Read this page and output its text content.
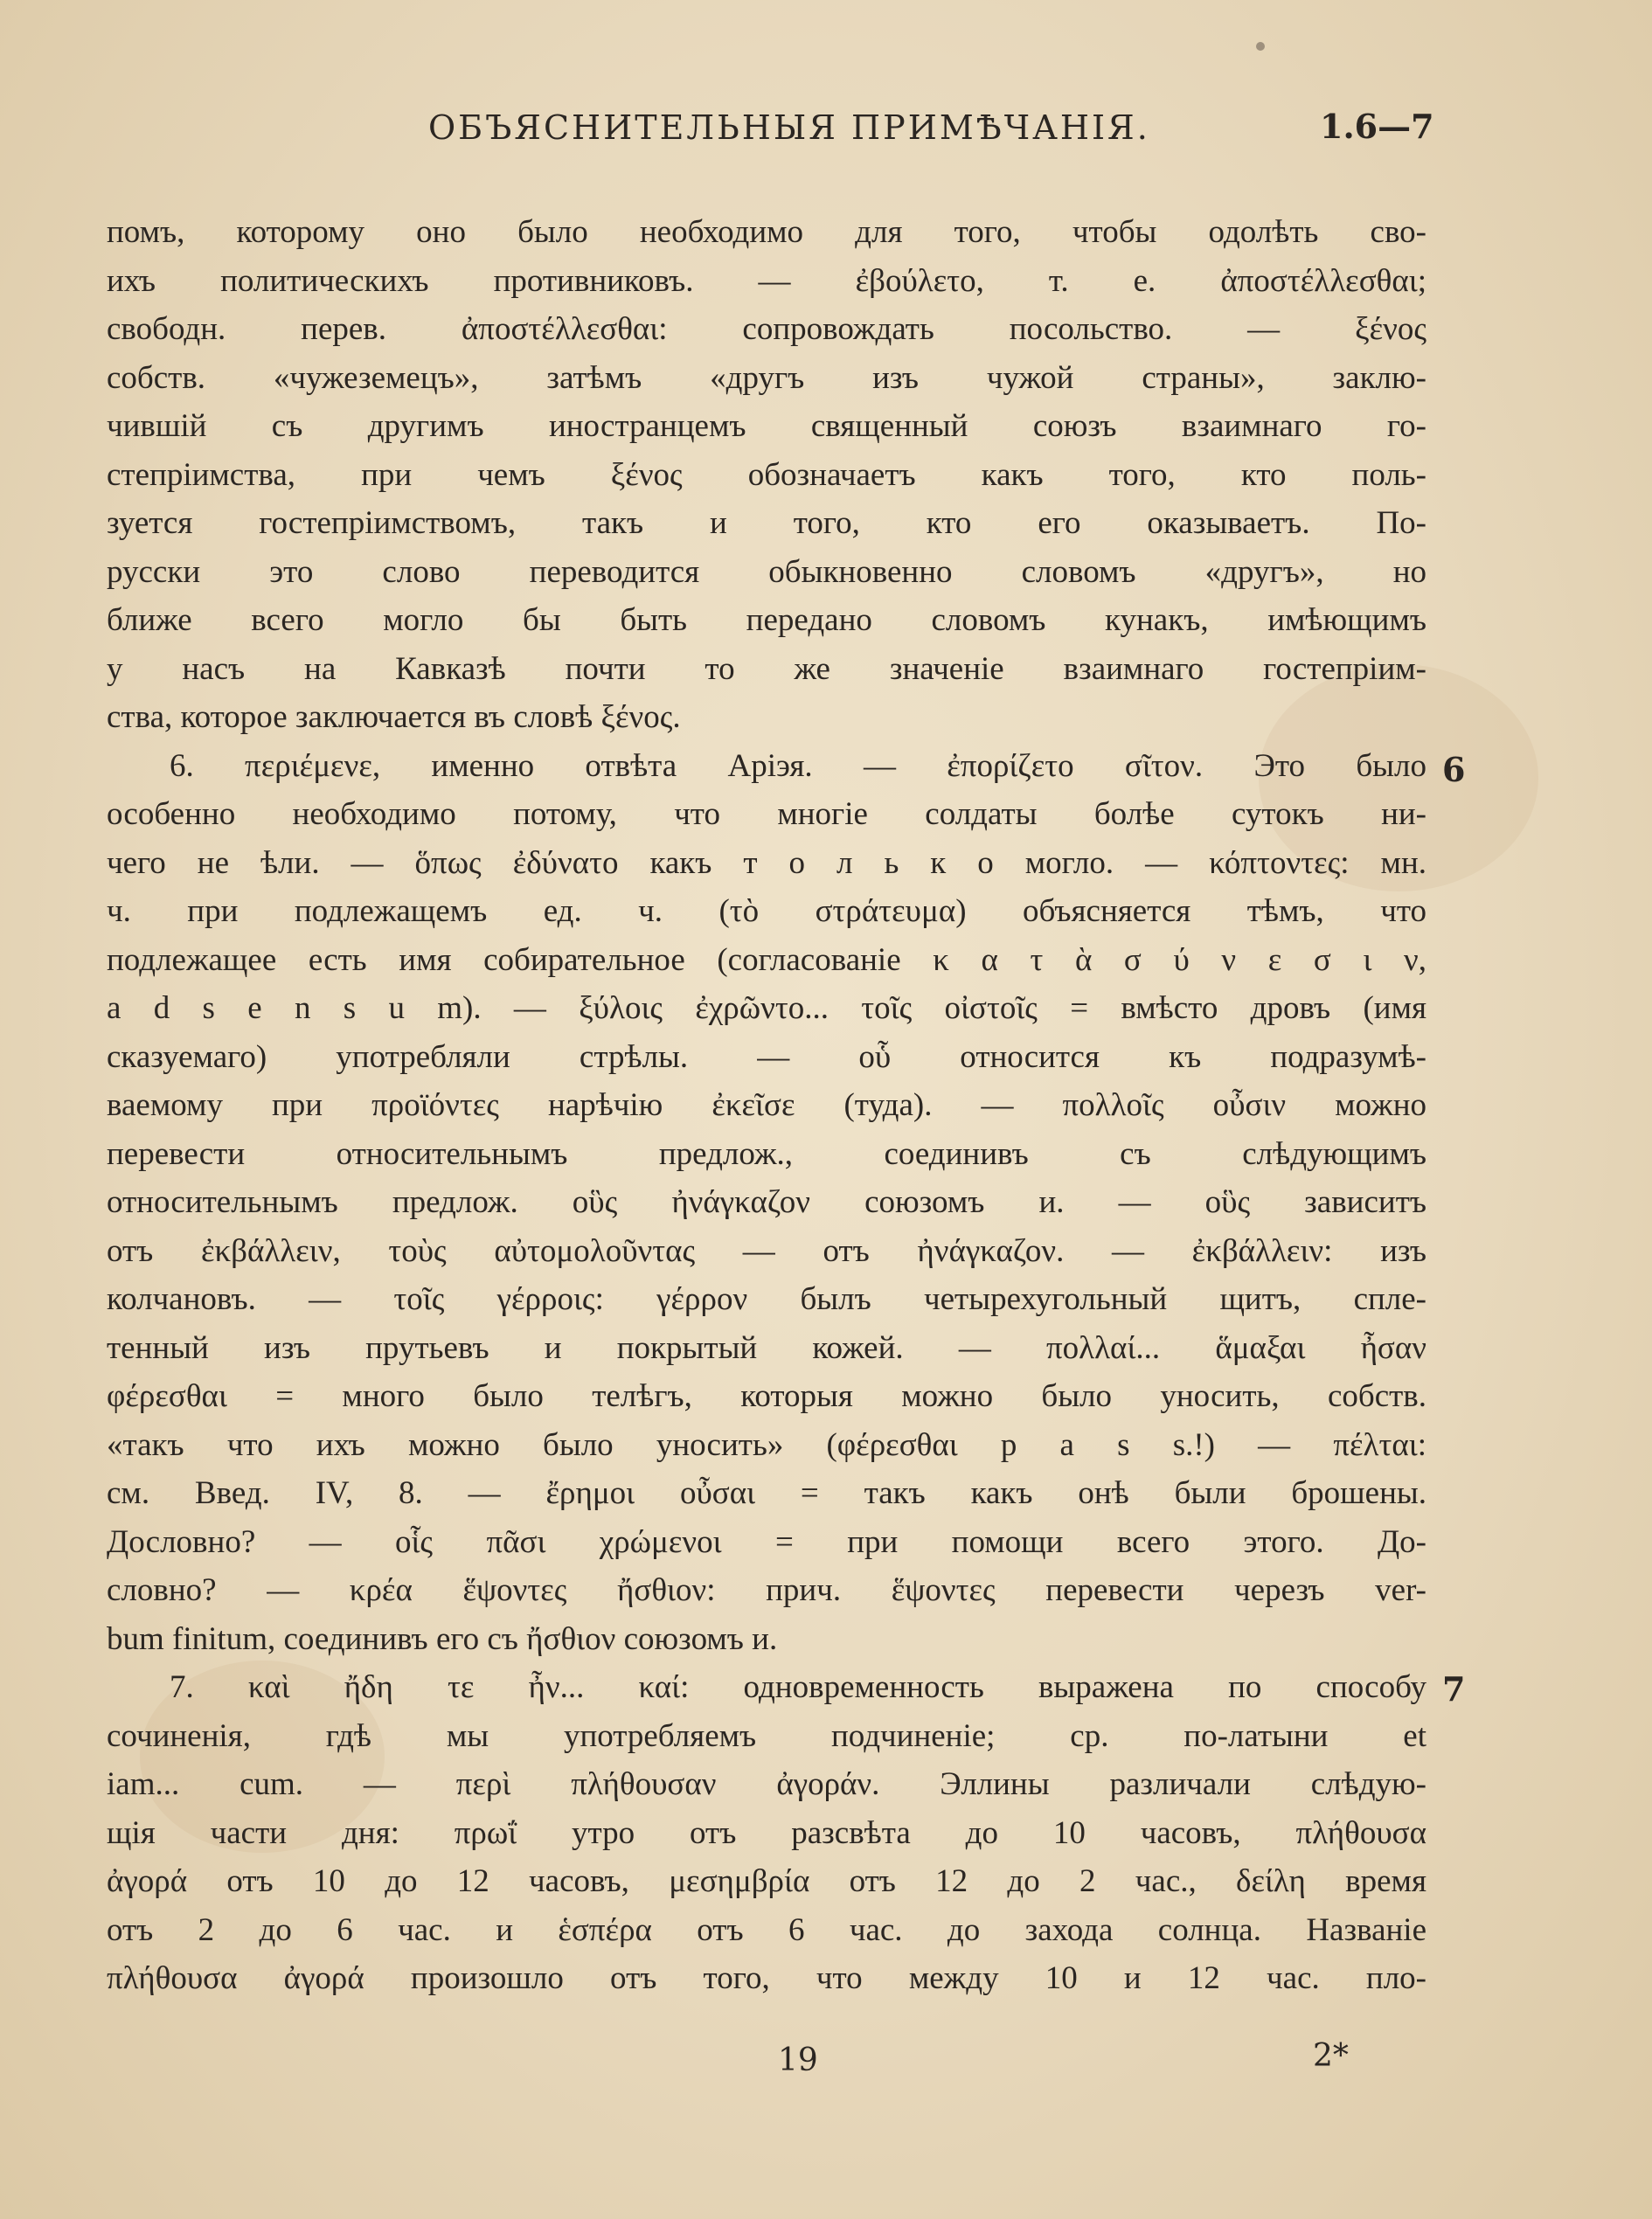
ОБЪЯСНИТЕЛЬНЫЯ ПРИМѢЧАНІЯ.	1.6—7
помъ, которому оно было необходимо для того, чтобы одолѣть сво-
ихъ политическихъ противниковъ. — ἐβούλετο, т. е. ἀποστέλλεσθαι;
свободн. перев. ἀποστέλλεσθαι: сопровождать посольство. — ξένος
собств. «чужеземецъ», затѣмъ «другъ изъ чужой страны», заклю-
чившій съ другимъ иностранцемъ священный союзъ взаимнаго го-
степріимства, при чемъ ξένος обозначаетъ какъ того, кто поль-
зуется гостепріимствомъ, такъ и того, кто его оказываетъ. По-
русски это слово переводится обыкновенно словомъ «другъ», но
ближе всего могло бы быть передано словомъ кунакъ, имѣющимъ
у насъ на Кавказѣ почти то же значеніе взаимнаго гостепріим-
ства, которое заключается въ словѣ ξένος.
6. περιέμενε, именно отвѣта Аріэя. — ἐπορίζετο σῖτον. Это было
особенно необходимо потому, что многіе солдаты болѣе сутокъ ни-
чего не ѣли. — ὅπως ἐδύνατο какъ т о л ь к о могло. — κόπτοντες: мн.
ч. при подлежащемъ ед. ч. (τὸ στράτευμα) объясняется тѣмъ, что
подлежащее есть имя собирательное (согласованіе κ α τ ὰ σ ύ ν ε σ ι ν,
a d s e n s u m). — ξύλοις ἐχρῶντο... τοῖς οἰστοῖς = вмѣсто дровъ (имя
сказуемаго) употребляли стрѣлы. — οὗ относится къ подразумѣ-
ваемому при προϊόντες нарѣчію ἐκεῖσε (туда). — πολλοῖς οὖσιν можно
перевести относительнымъ предлож., соединивъ съ слѣдующимъ
относительнымъ предлож. οὓς ἠνάγκαζον союзомъ и. — οὓς зависитъ
отъ ἐκβάλλειν, τοὺς αὐτομολοῦντας — отъ ἠνάγκαζον. — ἐκβάλλειν: изъ
колчановъ. — τοῖς γέρροις: γέρρον былъ четырехугольный щитъ, спле-
тенный изъ прутьевъ и покрытый кожей. — πολλαί... ἅμαξαι ἦσαν
φέρεσθαι = много было телѣгъ, которыя можно было уносить, собств.
«такъ что ихъ можно было уносить» (φέρεσθαι p a s s.!) — πέλται:
см. Введ. IV, 8. — ἔρημοι οὖσαι = такъ какъ онѣ были брошены.
Дословно? — οἷς πᾶσι χρώμενοι = при помощи всего этого. До-
словно? — κρέα ἕψοντες ἤσθιον: прич. ἕψοντες перевести черезъ ver-
bum finitum, соединивъ его съ ἤσθιον союзомъ и.
7. καὶ ἤδη τε ἦν... καί: одновременность выражена по способу
сочиненія, гдѣ мы употребляемъ подчиненіе; ср. по-латыни et
iam... cum. — περὶ πλήθουσαν ἀγοράν. Эллины различали слѣдую-
щія части дня: πρωΐ утро отъ разсвѣта до 10 часовъ, πλήθουσα
ἀγορά отъ 10 до 12 часовъ, μεσημβρία отъ 12 до 2 час., δείλη время
отъ 2 до 6 час. и ἑσπέρα отъ 6 час. до захода солнца. Названіе
πλήθουσα ἀγορά произошло отъ того, что между 10 и 12 час. пло-
6
7
19	2*
